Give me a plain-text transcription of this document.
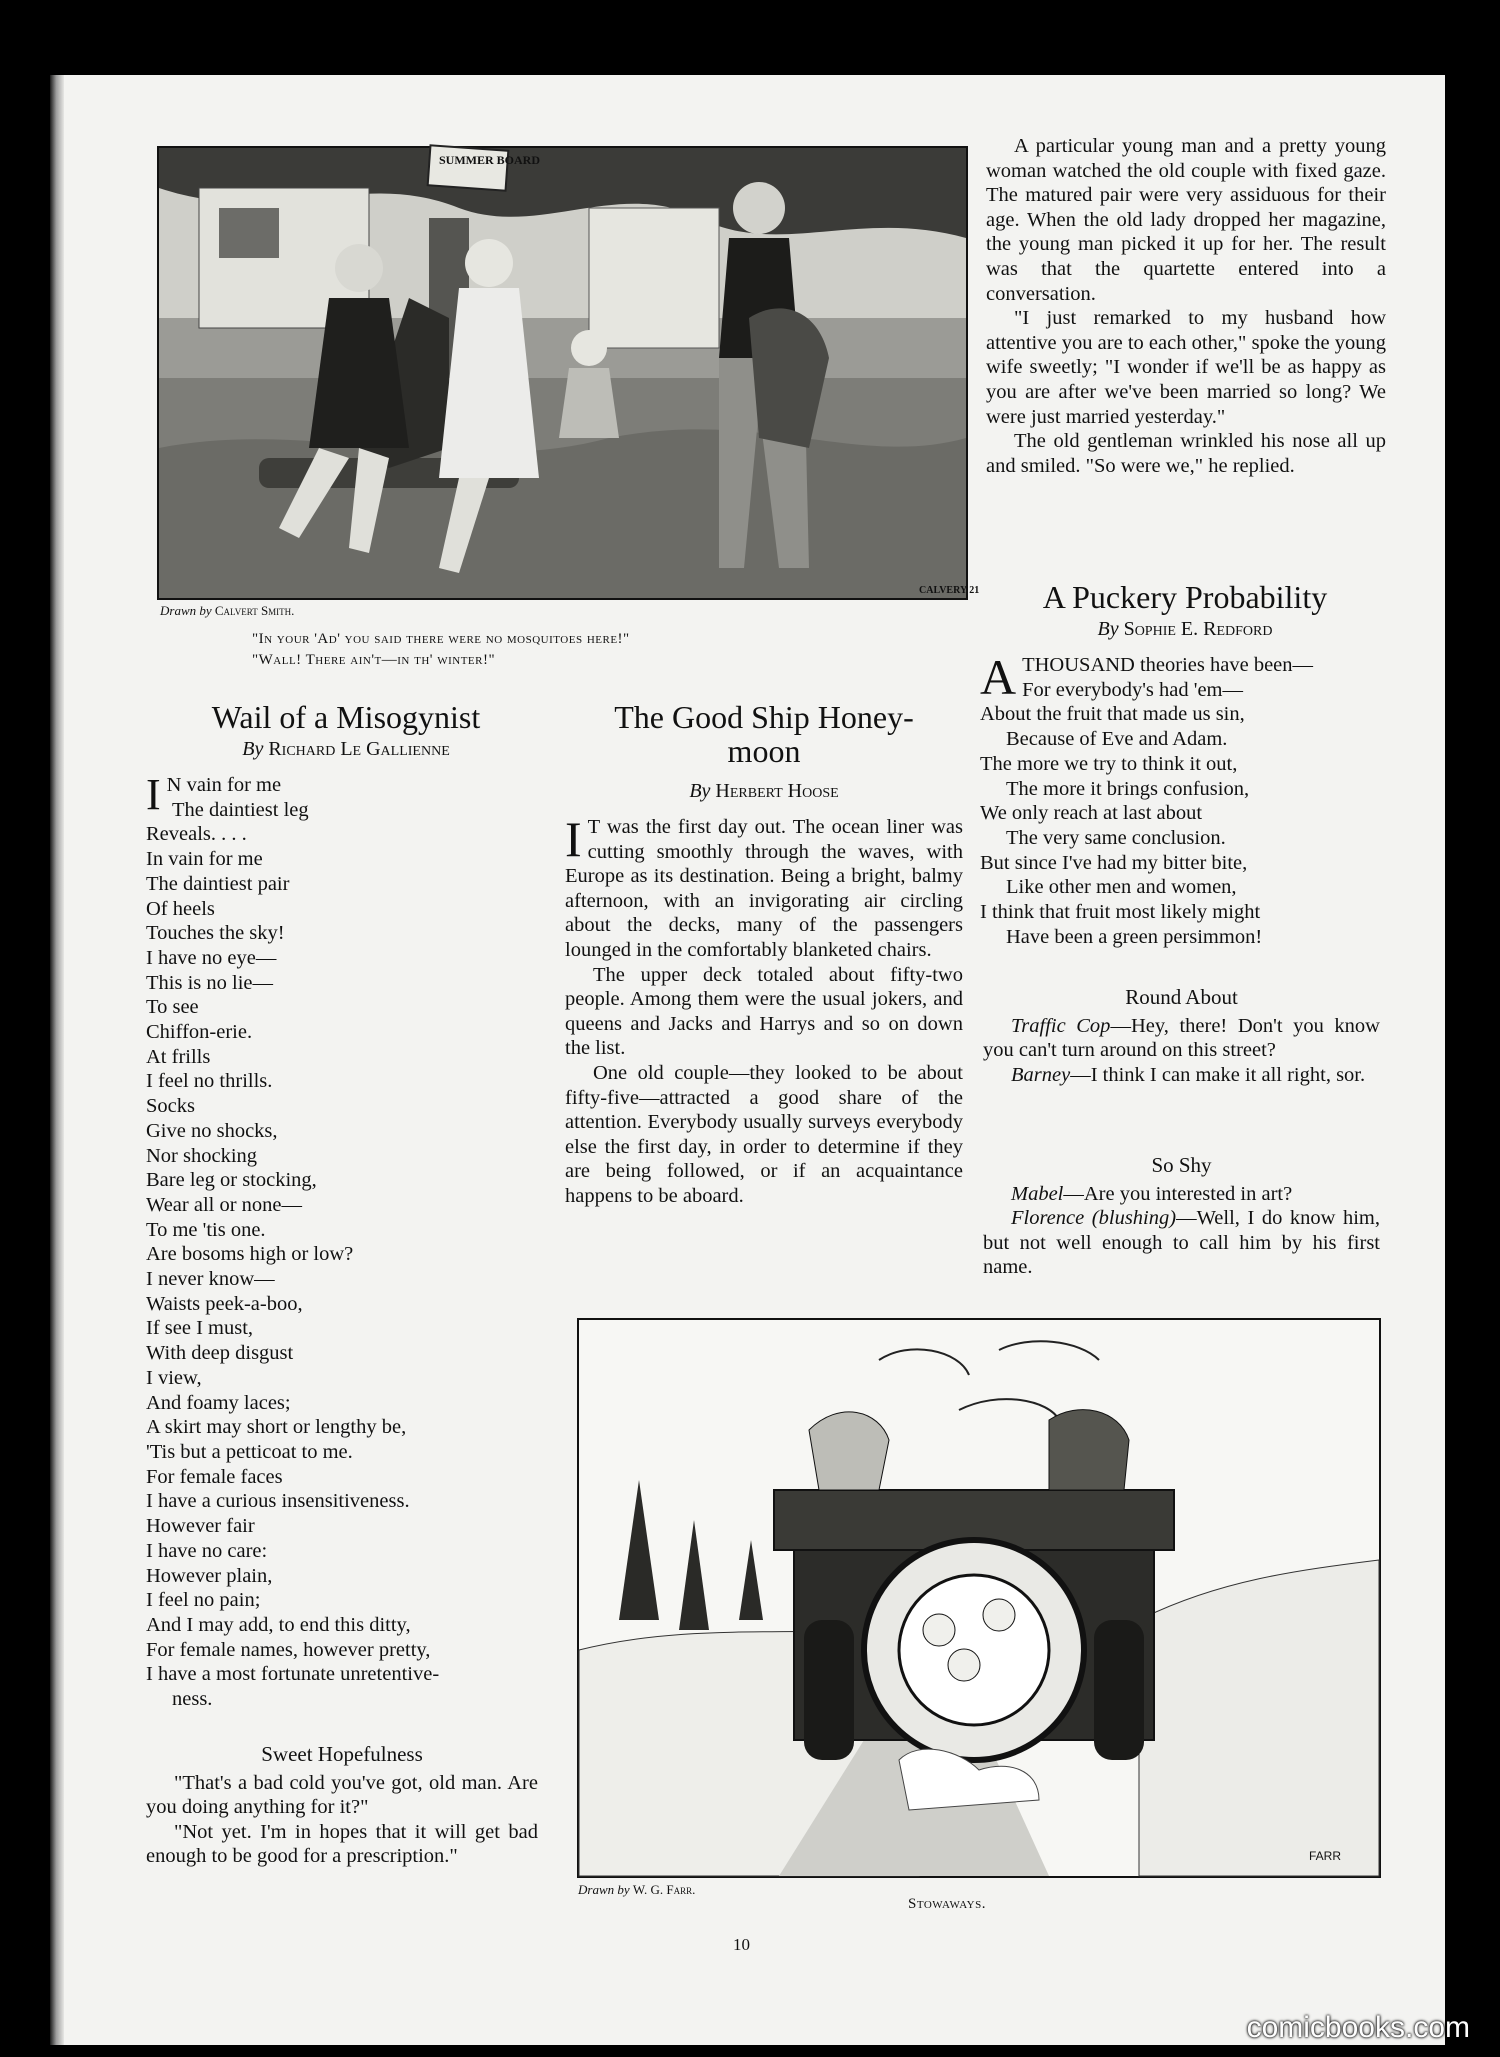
SUMMER BOARD
CALVERY 21
Drawn by Calvert Smith.
"In your 'Ad' you said there were no mosquitoes here!"
"Wall! There ain't—in th' winter!"

A particular young man and a pretty young woman watched the old couple with fixed gaze. The matured pair were very assiduous for their age. When the old lady dropped her magazine, the young man picked it up for her. The result was that the quartette entered into a conversation.

"I just remarked to my husband how attentive you are to each other," spoke the young wife sweetly; "I wonder if we'll be as happy as you are after we've been married so long? We were just married yesterday."

The old gentleman wrinkled his nose all up and smiled. "So were we," he replied.

A Puckery Probability
By Sophie E. Redford
A THOUSAND theories have been—
For everybody's had 'em—
About the fruit that made us sin,
Because of Eve and Adam.
The more we try to think it out,
The more it brings confusion,
We only reach at last about
The very same conclusion.
But since I've had my bitter bite,
Like other men and women,
I think that fruit most likely might
Have been a green persimmon!
Round About

Traffic Cop—Hey, there! Don't you know you can't turn around on this street?

Barney—I think I can make it all right, sor.

So Shy

Mabel—Are you interested in art?

Florence (blushing)—Well, I do know him, but not well enough to call him by his first name.

Wail of a Misogynist
By Richard Le Gallienne
I N vain for me
The daintiest leg
Reveals. . . .
In vain for me
The daintiest pair
Of heels
Touches the sky!
I have no eye—
This is no lie—
To see
Chiffon-erie.
At frills
I feel no thrills.
Socks
Give no shocks,
Nor shocking
Bare leg or stocking,
Wear all or none—
To me 'tis one.
Are bosoms high or low?
I never know—
Waists peek-a-boo,
If see I must,
With deep disgust
I view,
And foamy laces;
A skirt may short or lengthy be,
'Tis but a petticoat to me.
For female faces
I have a curious insensitiveness.
However fair
I have no care:
However plain,
I feel no pain;
And I may add, to end this ditty,
For female names, however pretty,
I have a most fortunate unretentive-
ness.
Sweet Hopefulness

"That's a bad cold you've got, old man. Are you doing anything for it?"

"Not yet. I'm in hopes that it will get bad enough to be good for a prescription."

The Good Ship Honey-
moon
By Herbert Hoose

I T was the first day out. The ocean liner was cutting smoothly through the waves, with Europe as its destination. Being a bright, balmy afternoon, with an invigorating air circling about the decks, many of the passengers lounged in the comfortably blanketed chairs.

The upper deck totaled about fifty-two people. Among them were the usual jokers, and queens and Jacks and Harrys and so on down the list.

One old couple—they looked to be about fifty-five—attracted a good share of the attention. Everybody usually surveys everybody else the first day, in order to determine if they are being followed, or if an acquaintance happens to be aboard.

FARR
Drawn by W. G. Farr.
Stowaways.
10
comicbooks.com
